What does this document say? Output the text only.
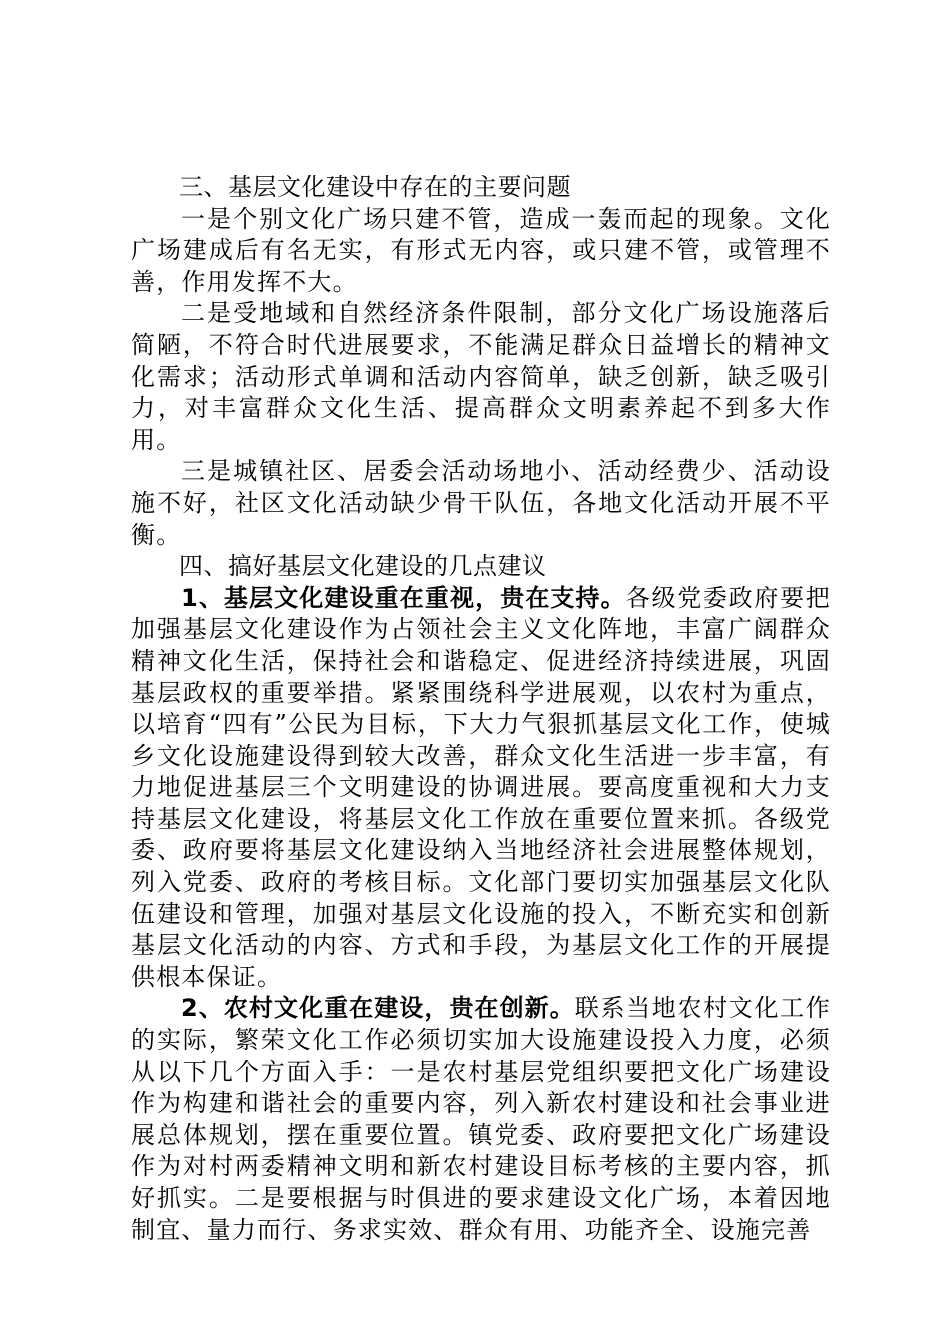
三、基层文化建设中存在的主要问题

一是个别文化广场只建不管，造成一轰而起的现象。文化广场建成后有名无实，有形式无内容，或只建不管，或管理不善，作用发挥不大。

二是受地域和自然经济条件限制，部分文化广场设施落后简陋，不符合时代进展要求，不能满足群众日益增长的精神文化需求；活动形式单调和活动内容简单，缺乏创新，缺乏吸引力，对丰富群众文化生活、提高群众文明素养起不到多大作用。

三是城镇社区、居委会活动场地小、活动经费少、活动设施不好，社区文化活动缺少骨干队伍，各地文化活动开展不平衡。

四、搞好基层文化建设的几点建议

1、基层文化建设重在重视，贵在支持。各级党委政府要把加强基层文化建设作为占领社会主义文化阵地，丰富广阔群众精神文化生活，保持社会和谐稳定、促进经济持续进展，巩固基层政权的重要举措。紧紧围绕科学进展观，以农村为重点，以培育“四有”公民为目标，下大力气狠抓基层文化工作，使城乡文化设施建设得到较大改善，群众文化生活进一步丰富，有力地促进基层三个文明建设的协调进展。要高度重视和大力支持基层文化建设，将基层文化工作放在重要位置来抓。各级党委、政府要将基层文化建设纳入当地经济社会进展整体规划，列入党委、政府的考核目标。文化部门要切实加强基层文化队伍建设和管理，加强对基层文化设施的投入，不断充实和创新基层文化活动的内容、方式和手段，为基层文化工作的开展提供根本保证。

2、农村文化重在建设，贵在创新。联系当地农村文化工作的实际，繁荣文化工作必须切实加大设施建设投入力度，必须从以下几个方面入手：一是农村基层党组织要把文化广场建设作为构建和谐社会的重要内容，列入新农村建设和社会事业进展总体规划，摆在重要位置。镇党委、政府要把文化广场建设作为对村两委精神文明和新农村建设目标考核的主要内容，抓好抓实。二是要根据与时俱进的要求建设文化广场，本着因地制宜、量力而行、务求实效、群众有用、功能齐全、设施完善
